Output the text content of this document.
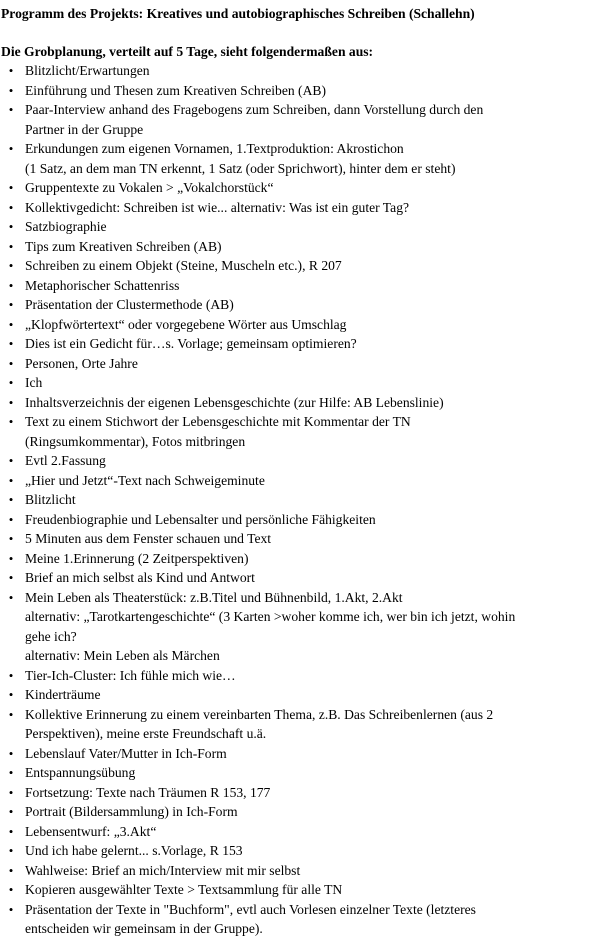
Programm des Projekts: Kreatives und autobiographisches Schreiben (Schallehn)

Die Grobplanung, verteilt auf 5 Tage, sieht folgendermaßen aus:

• Blitzlicht/Erwartungen
• Einführung und Thesen zum Kreativen Schreiben (AB)
• Paar-Interview anhand des Fragebogens zum Schreiben, dann Vorstellung durch den
Partner in der Gruppe
• Erkundungen zum eigenen Vornamen, 1.Textproduktion: Akrostichon
(1 Satz, an dem man TN erkennt, 1 Satz (oder Sprichwort), hinter dem er steht)
• Gruppentexte zu Vokalen > „Vokalchorstück“
• Kollektivgedicht: Schreiben ist wie... alternativ: Was ist ein guter Tag?
• Satzbiographie
• Tips zum Kreativen Schreiben (AB)
• Schreiben zu einem Objekt (Steine, Muscheln etc.), R 207
• Metaphorischer Schattenriss
• Präsentation der Clustermethode (AB)
• „Klopfwörtertext“ oder vorgegebene Wörter aus Umschlag
• Dies ist ein Gedicht für…s. Vorlage; gemeinsam optimieren?
• Personen, Orte Jahre
• Ich
• Inhaltsverzeichnis der eigenen Lebensgeschichte (zur Hilfe: AB Lebenslinie)
• Text zu einem Stichwort der Lebensgeschichte mit Kommentar der TN
(Ringsumkommentar), Fotos mitbringen
• Evtl 2.Fassung
• „Hier und Jetzt“-Text nach Schweigeminute
• Blitzlicht
• Freudenbiographie und Lebensalter und persönliche Fähigkeiten
• 5 Minuten aus dem Fenster schauen und Text
• Meine 1.Erinnerung (2 Zeitperspektiven)
• Brief an mich selbst als Kind und Antwort
• Mein Leben als Theaterstück: z.B.Titel und Bühnenbild, 1.Akt, 2.Akt
alternativ: „Tarotkartengeschichte“ (3 Karten >woher komme ich, wer bin ich jetzt, wohin
gehe ich?
alternativ: Mein Leben als Märchen
• Tier-Ich-Cluster: Ich fühle mich wie…
• Kinderträume
• Kollektive Erinnerung zu einem vereinbarten Thema, z.B. Das Schreibenlernen (aus 2
Perspektiven), meine erste Freundschaft u.ä.
• Lebenslauf Vater/Mutter in Ich-Form
• Entspannungsübung
• Fortsetzung: Texte nach Träumen R 153, 177
• Portrait (Bildersammlung) in Ich-Form
• Lebensentwurf: „3.Akt“
• Und ich habe gelernt... s.Vorlage, R 153
• Wahlweise: Brief an mich/Interview mit mir selbst
• Kopieren ausgewählter Texte > Textsammlung für alle TN
• Präsentation der Texte in "Buchform", evtl auch Vorlesen einzelner Texte (letzteres
entscheiden wir gemeinsam in der Gruppe).
